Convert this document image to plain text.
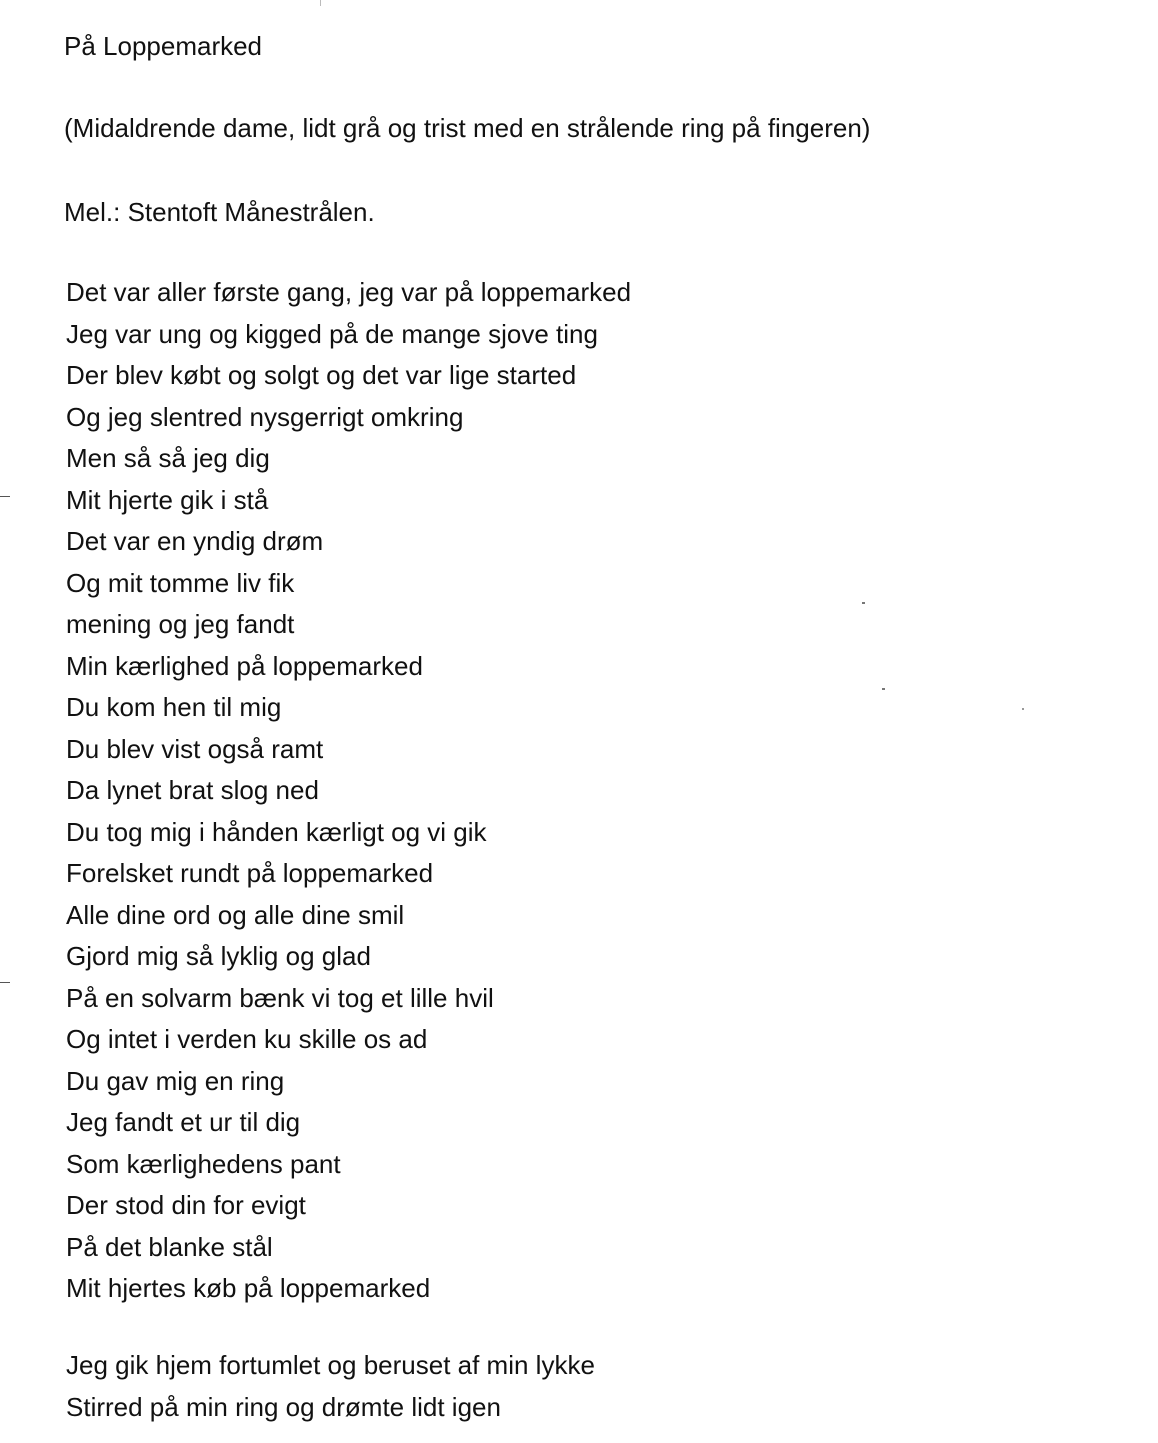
På Loppemarked
(Midaldrende dame, lidt grå og trist med en strålende ring på fingeren)
Mel.: Stentoft Månestrålen.
Det var aller første gang, jeg var på loppemarked
Jeg var ung og kigged på de mange sjove ting
Der blev købt og solgt og det var lige started
Og jeg slentred nysgerrigt omkring
Men så så jeg dig
Mit hjerte gik i stå
Det var en yndig drøm
Og mit tomme liv fik
mening og jeg fandt
Min kærlighed på loppemarked
Du kom hen til mig
Du blev vist også ramt
Da lynet brat slog ned
Du tog mig i hånden kærligt og vi gik
Forelsket rundt på loppemarked
Alle dine ord og alle dine smil
Gjord mig så lyklig og glad
På en solvarm bænk vi tog et lille hvil
Og intet i verden ku skille os ad
Du gav mig en ring
Jeg fandt et ur til dig
Som kærlighedens pant
Der stod din for evigt
På det blanke stål
Mit hjertes køb på loppemarked
Jeg gik hjem fortumlet og beruset af min lykke
Stirred på min ring og drømte lidt igen
